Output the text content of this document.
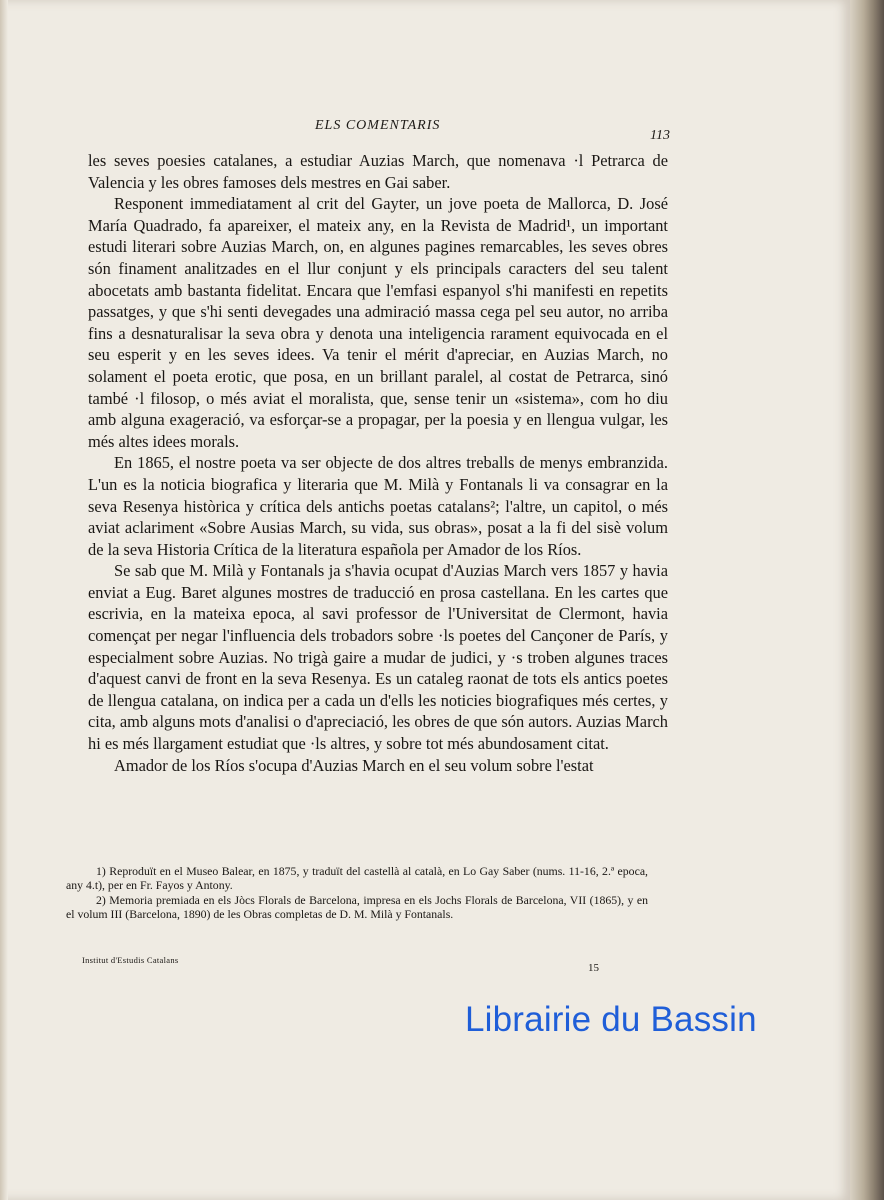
ELS COMENTARIS
113

les seves poesies catalanes, a estudiar Auzias March, que nomenava ·l Petrarca de Valencia y les obres famoses dels mestres en Gai saber.

Responent immediatament al crit del Gayter, un jove poeta de Mallorca, D. José María Quadrado, fa apareixer, el mateix any, en la Revista de Madrid¹, un important estudi literari sobre Auzias March, on, en algunes pagines remarcables, les seves obres són finament analitzades en el llur conjunt y els principals caracters del seu talent abocetats amb bastanta fidelitat. Encara que l'emfasi espanyol s'hi manifesti en repetits passatges, y que s'hi senti devegades una admiració massa cega pel seu autor, no arriba fins a desnaturalisar la seva obra y denota una inteligencia rarament equivocada en el seu esperit y en les seves idees. Va tenir el mérit d'apreciar, en Auzias March, no solament el poeta erotic, que posa, en un brillant paralel, al costat de Petrarca, sinó també ·l filosop, o més aviat el moralista, que, sense tenir un «sistema», com ho diu amb alguna exageració, va esforçar-se a propagar, per la poesia y en llengua vulgar, les més altes idees morals.

En 1865, el nostre poeta va ser objecte de dos altres treballs de menys embranzida. L'un es la noticia biografica y literaria que M. Milà y Fontanals li va consagrar en la seva Resenya històrica y crítica dels antichs poetas catalans²; l'altre, un capitol, o més aviat aclariment «Sobre Ausias March, su vida, sus obras», posat a la fi del sisè volum de la seva Historia Crítica de la literatura española per Amador de los Ríos.

Se sab que M. Milà y Fontanals ja s'havia ocupat d'Auzias March vers 1857 y havia enviat a Eug. Baret algunes mostres de traducció en prosa castellana. En les cartes que escrivia, en la mateixa epoca, al savi professor de l'Universitat de Clermont, havia començat per negar l'influencia dels trobadors sobre ·ls poetes del Cançoner de París, y especialment sobre Auzias. No trigà gaire a mudar de judici, y ·s troben algunes traces d'aquest canvi de front en la seva Resenya. Es un cataleg raonat de tots els antics poetes de llengua catalana, on indica per a cada un d'ells les noticies biografiques més certes, y cita, amb alguns mots d'analisi o d'apreciació, les obres de que són autors. Auzias March hi es més llargament estudiat que ·ls altres, y sobre tot més abundosament citat.

Amador de los Ríos s'ocupa d'Auzias March en el seu volum sobre l'estat

1) Reproduït en el Museo Balear, en 1875, y traduït del castellà al català, en Lo Gay Saber (nums. 11-16, 2.ª epoca, any 4.t), per en Fr. Fayos y Antony.

2) Memoria premiada en els Jòcs Florals de Barcelona, impresa en els Jochs Florals de Barcelona, VII (1865), y en el volum III (Barcelona, 1890) de les Obras completas de D. M. Milà y Fontanals.

Institut d'Estudis Catalans
15
Librairie du Bassin
